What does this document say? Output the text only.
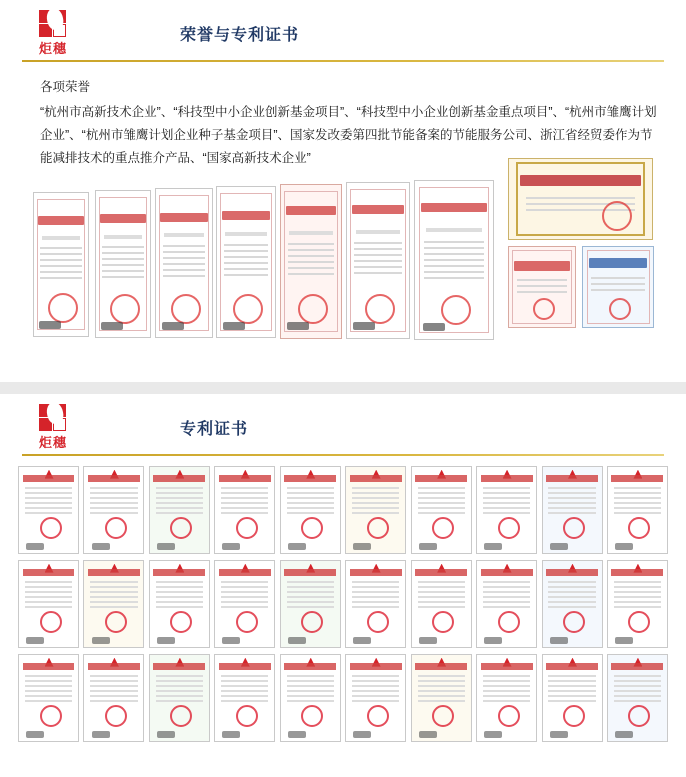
炬穗
荣誉与专利证书
各项荣誉
“杭州市高新技术企业”、“科技型中小企业创新基金项目”、“科技型中小企业创新基金重点项目”、“杭州市雏鹰计划企业”、“杭州市雏鹰计划企业种子基金项目”、国家发改委第四批节能备案的节能服务公司、浙江省经贸委作为节能减排技术的重点推介产品、“国家高新技术企业”
炬穗
专利证书
